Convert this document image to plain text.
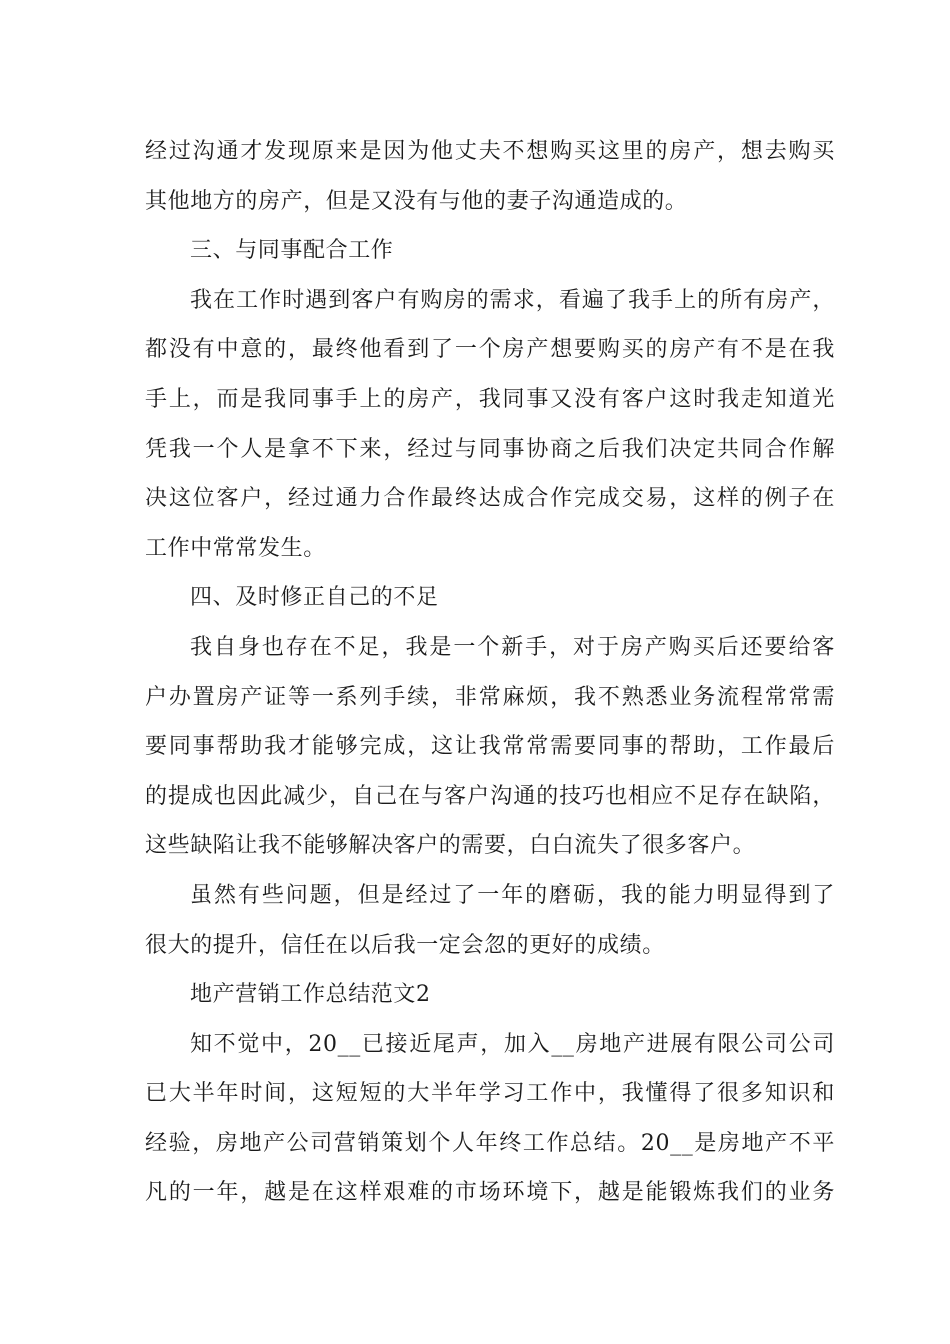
经过沟通才发现原来是因为他丈夫不想购买这里的房产，想去购买
其他地方的房产，但是又没有与他的妻子沟通造成的。
三、与同事配合工作
我在工作时遇到客户有购房的需求，看遍了我手上的所有房产，
都没有中意的，最终他看到了一个房产想要购买的房产有不是在我
手上，而是我同事手上的房产，我同事又没有客户这时我走知道光
凭我一个人是拿不下来，经过与同事协商之后我们决定共同合作解
决这位客户，经过通力合作最终达成合作完成交易，这样的例子在
工作中常常发生。
四、及时修正自己的不足
我自身也存在不足，我是一个新手，对于房产购买后还要给客
户办置房产证等一系列手续，非常麻烦，我不熟悉业务流程常常需
要同事帮助我才能够完成，这让我常常需要同事的帮助，工作最后
的提成也因此减少，自己在与客户沟通的技巧也相应不足存在缺陷，
这些缺陷让我不能够解决客户的需要，白白流失了很多客户。
虽然有些问题，但是经过了一年的磨砺，我的能力明显得到了
很大的提升，信任在以后我一定会忽的更好的成绩。
地产营销工作总结范文2
知不觉中，20__已接近尾声，加入__房地产进展有限公司公司
已大半年时间，这短短的大半年学习工作中，我懂得了很多知识和
经验，房地产公司营销策划个人年终工作总结。20__是房地产不平
凡的一年，越是在这样艰难的市场环境下，越是能锻炼我们的业务
